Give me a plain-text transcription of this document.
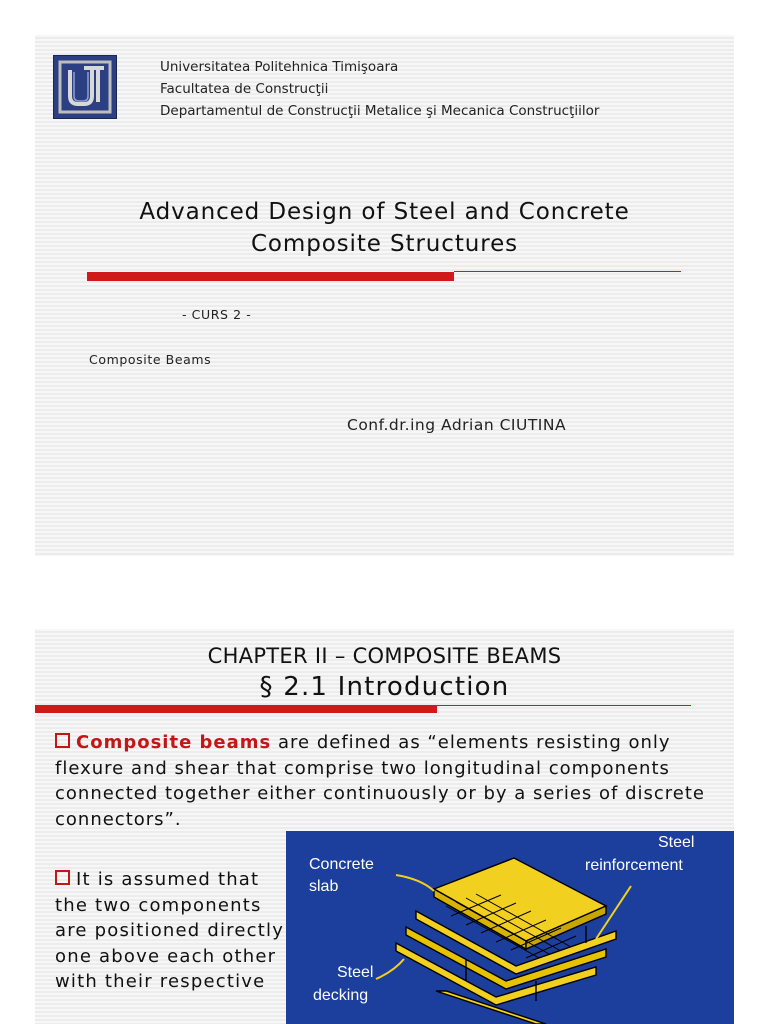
Universitatea Politehnica Timişoara
Facultatea de Construcţii
Departamentul de Construcţii Metalice şi Mecanica Construcţiilor
Advanced Design of Steel and Concrete
Composite Structures
- CURS 2 -
Composite Beams
Conf.dr.ing Adrian CIUTINA
CHAPTER II – COMPOSITE BEAMS
§ 2.1 Introduction
Composite beams are defined as “elements resisting only flexure and shear that comprise two longitudinal components connected together either continuously or by a series of discrete connectors”.
It is assumed that the two components are positioned directly one above each other with their respective
Concrete
slab
Steel
reinforcement
Steel
decking
